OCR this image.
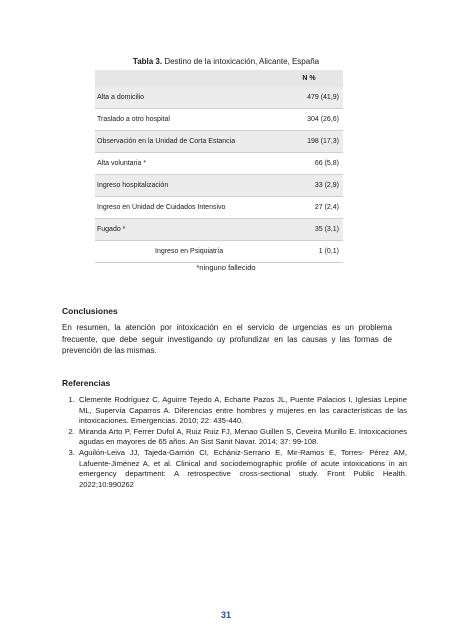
Tabla 3. Destino de la intoxicación, Alicante, España
	N %
Alta a domicilio	479 (41,9)
Traslado a otro hospital	304 (26,6)
Observación en la Unidad de Corta Estancia	198 (17,3)
Alta voluntaria *	66 (5,8)
Ingreso hospitalización	33 (2,9)
Ingreso en Unidad de Cuidados Intensivo	27 (2,4)
Fugado *	35 (3,1)
Ingreso en Psiquiatría	1 (0,1)
*ninguno fallecido
Conclusiones
En resumen, la atención por intoxicación en el servicio de urgencias es un problema frecuente, que debe seguir investigando uy profundizar en las causas y las formas de prevención de las mismas.
Referencias
1. Clemente Rodríguez C, Aguirre Tejedo A, Echarte Pazos JL, Puente Palacios I, Iglesias Lepine ML, Supervía Caparros A. Diferencias entre hombres y mujeres en las características de las intoxicaciones. Emergencias. 2010; 22: 435-440.
2. Miranda Arto P, Ferrer Dufol A, Ruiz Ruiz FJ, Menao Guillen S, Ceveira Murillo E. Intoxicaciones agudas en mayores de 65 años. An Sist Sanit Navar. 2014; 37: 99-108.
3. Aguilón-Leiva JJ, Tajeda-Garrión CI, Echániz-Serrano E, Mir-Ramos E, Torres- Pérez AM, Lafuente-Jiménez A, et al. Clinical and sociodemographic profile of acute intoxications in an emergency department: A retrospective cross-sectional study. Front Public Health. 2022;10:990262
31
